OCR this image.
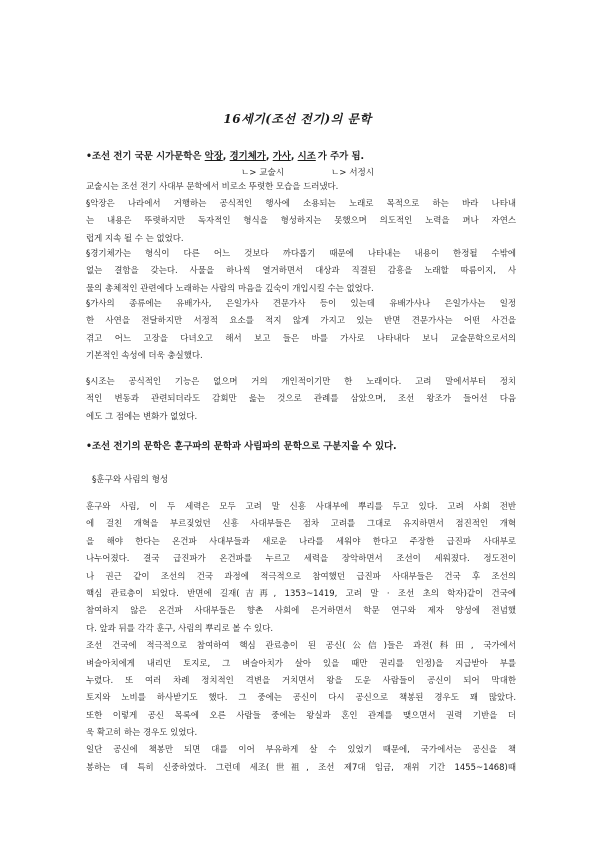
16세기(조선 전기)의 문학
•조선 전기 국문 시가문학은 악장, 경기체가, 가사, 시조 가 주가 됨.
ㄴ> 교술시	ㄴ> 서정시
교술시는 조선 전기 사대부 문학에서 비로소 뚜렷한 모습을 드러냈다.
§악장은 나라에서 거행하는 공식적인 행사에 소용되는 노래로 목적으로 하는 바라 나타내
는 내용은 뚜렷하지만 독자적인 형식을 형성하지는 못했으며 의도적인 노력을 펴나 자연스
럽게 지속 될 수 는 없었다.
§경기체가는 형식이 다른 어느 것보다 까다롭기 때문에 나타내는 내용이 한정될 수밖에
없는 결함을 갖는다. 사물을 하나씩 열거하면서 대상과 직결된 감흥을 노래할 따름이지, 사
물의 총체적인 관련에다 노래하는 사람의 마음을 깊숙이 개입시킬 수는 없었다.
§가사의 종류에는 유배가사, 은일가사 견문가사 등이 있는데 유배가사나 은일가사는 일정
한 사연을 전달하지만 서정적 요소를 적지 않게 가지고 있는 반면 견문가사는 어떤 사건을
겪고 어느 고장을 다녀오고 해서 보고 들은 바를 가사로 나타내다 보니 교술문학으로서의
기본적인 속성에 더욱 충실했다.
§시조는 공식적인 기능은 없으며 거의 개인적이기만 한 노래이다. 고려 말에서부터 정치
적인 변동과 관련되더라도 감회만 읊는 것으로 관례를 삼았으며, 조선 왕조가 들어선 다음
에도 그 점에는 변화가 없었다.
•조선 전기의 문학은 훈구파의 문학과 사림파의 문학으로 구분지을 수 있다.
§훈구와 사림의 형성
훈구와 사림, 이 두 세력은 모두 고려 말 신흥 사대부에 뿌리를 두고 있다. 고려 사회 전반
에 걸친 개혁을 부르짖었던 신흥 사대부들은 점차 고려를 그대로 유지하면서 점진적인 개혁
을 해야 한다는 온건파 사대부들과 새로운 나라를 세워야 한다고 주장한 급진파 사대부로
나누어졌다. 결국 급진파가 온건파를 누르고 세력을 장악하면서 조선이 세워졌다. 정도전이
나 권근 같이 조선의 건국 과정에 적극적으로 참여했던 급진파 사대부들은 건국 후 조선의
핵심 관료층이 되었다. 반면에 길재(吉再, 1353~1419, 고려 말 · 조선 초의 학자)같이 건국에
참여하지 않은 온건파 사대부들은 향촌 사회에 은거하면서 학문 연구와 제자 양성에 전념했
다. 앞과 뒤를 각각 훈구, 사림의 뿌리로 볼 수 있다.
조선 건국에 적극적으로 참여하여 핵심 관료층이 된 공신(公信)들은 과전(科田, 국가에서
벼슬아치에게 내리던 토지로, 그 벼슬아치가 살아 있을 때만 권리를 인정)을 지급받아 부를
누렸다. 또 여러 차례 정치적인 격변을 거치면서 왕을 도운 사람들이 공신이 되어 막대한
토지와 노비를 하사받기도 했다. 그 중에는 공신이 다시 공신으로 책봉된 경우도 꽤 많았다.
또한 이렇게 공신 목록에 오른 사람들 중에는 왕실과 혼인 관계를 맺으면서 권력 기반을 더
욱 확고히 하는 경우도 있었다.
일단 공신에 책봉만 되면 대를 이어 부유하게 살 수 있었기 때문에, 국가에서는 공신을 책
봉하는 데 특히 신중하였다. 그런데 세조(世祖, 조선 제7대 임금, 재위 기간 1455~1468)때
